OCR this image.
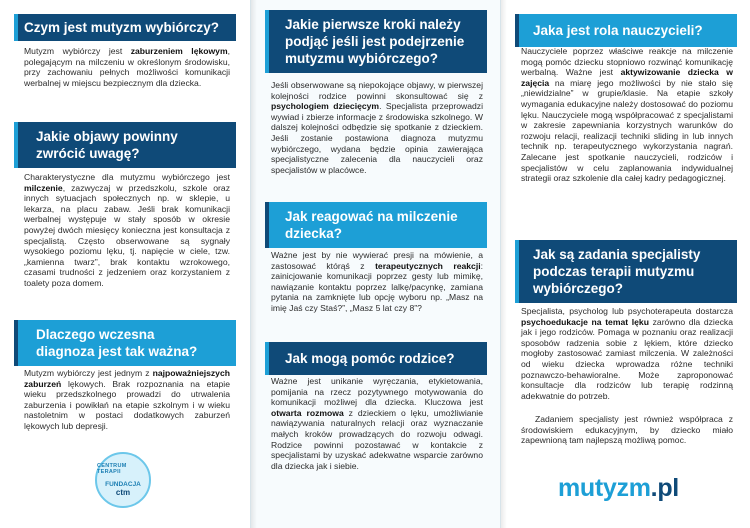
Czym jest mutyzm wybiórczy?
Mutyzm wybiórczy jest zaburzeniem lękowym, polegającym na milczeniu w określonym środowisku, przy zachowaniu pełnych możliwości komunikacji werbalnej w miejscu bezpiecznym dla dziecka.
Jakie objawy powinny zwrócić uwagę?
Charakterystyczne dla mutyzmu wybiórczego jest milczenie, zazwyczaj w przedszkolu, szkole oraz innych sytuacjach społecznych np. w sklepie, u lekarza, na placu zabaw. Jeśli brak komunikacji werbalnej występuje w stały sposób w okresie powyżej dwóch miesięcy konieczna jest konsultacja z specjalistą. Często obserwowane są sygnały wysokiego poziomu lęku, tj. napięcie w ciele, tzw. „kamienna twarz”, brak kontaktu wzrokowego, czasami trudności z jedzeniem oraz korzystaniem z toalety poza domem.
Dlaczego wczesna diagnoza jest tak ważna?
Mutyzm wybiórczy jest jednym z najpoważniejszych zaburzeń lękowych. Brak rozpoznania na etapie wieku przedszkolnego prowadzi do utrwalenia zaburzenia i powikłań na etapie szkolnym i w wieku nastoletnim w postaci dodatkowych zaburzeń lękowych lub depresji.
CENTRUM TERAPII
FUNDACJA
ctm
Jakie pierwsze kroki należy podjąć jeśli jest podejrzenie mutyzmu wybiórczego?
Jeśli obserwowane są niepokojące objawy, w pierwszej kolejności rodzice powinni skonsultować się z psychologiem dziecięcym. Specjalista przeprowadzi wywiad i zbierze informacje z środowiska szkolnego. W dalszej kolejności odbędzie się spotkanie z dzieckiem. Jeśli zostanie postawiona diagnoza mutyzmu wybiórczego, wydana będzie opinia zawierająca specjalistyczne zalecenia dla nauczycieli oraz specjalistów w placówce.
Jak reagować na milczenie dziecka?
Ważne jest by nie wywierać presji na mówienie, a zastosować którąś z terapeutycznych reakcji: zainicjowanie komunikacji poprzez gesty lub mimikę, nawiązanie kontaktu poprzez lalkę/pacynkę, zamiana pytania na zamknięte lub opcję wyboru np. „Masz na imię Jaś czy Staś?”, „Masz 5 lat czy 8”?
Jak mogą pomóc rodzice?
Ważne jest unikanie wyręczania, etykietowania, pomijania na rzecz pozytywnego motywowania do komunikacji możliwej dla dziecka. Kluczowa jest otwarta rozmowa z dzieckiem o lęku, umożliwianie nawiązywania naturalnych relacji oraz wyznaczanie małych kroków prowadzących do rozwoju odwagi. Rodzice powinni pozostawać w kontakcie z specjalistami by uzyskać adekwatne wsparcie zarówno dla dziecka jak i siebie.
Jaka jest rola nauczycieli?
Nauczyciele poprzez właściwe reakcje na milczenie mogą pomóc dziecku stopniowo rozwinąć komunikację werbalną. Ważne jest aktywizowanie dziecka w zajęcia na miarę jego możliwości by nie stało się „niewidzialne” w grupie/klasie. Na etapie szkoły wymagania edukacyjne należy dostosować do poziomu lęku. Nauczyciele mogą współpracować z specjalistami w zakresie zapewniania korzystnych warunków do rozwoju relacji, realizacji techniki sliding in lub innych technik np. terapeutycznego wykorzystania nagrań. Zalecane jest spotkanie nauczycieli, rodziców i specjalistów w celu zaplanowania indywidualnej strategii oraz szkolenie dla całej kadry pedagogicznej.
Jak są zadania specjalisty podczas terapii mutyzmu wybiórczego?
Specjalista, psycholog lub psychoterapeuta dostarcza psychoedukacje na temat lęku zarówno dla dziecka jak i jego rodziców. Pomaga w poznaniu oraz realizacji sposobów radzenia sobie z lękiem, które dziecko mogłoby zastosować zamiast milczenia. W zależności od wieku dziecka wprowadza różne techniki poznawczo-behawioralne. Może zaproponować konsultacje dla rodziców lub terapię rodzinną adekwatnie do potrzeb.
Zadaniem specjalisty jest również współpraca z środowiskiem edukacyjnym, by dziecko miało zapewnioną tam najlepszą możliwą pomoc.
mutyzm.pl
